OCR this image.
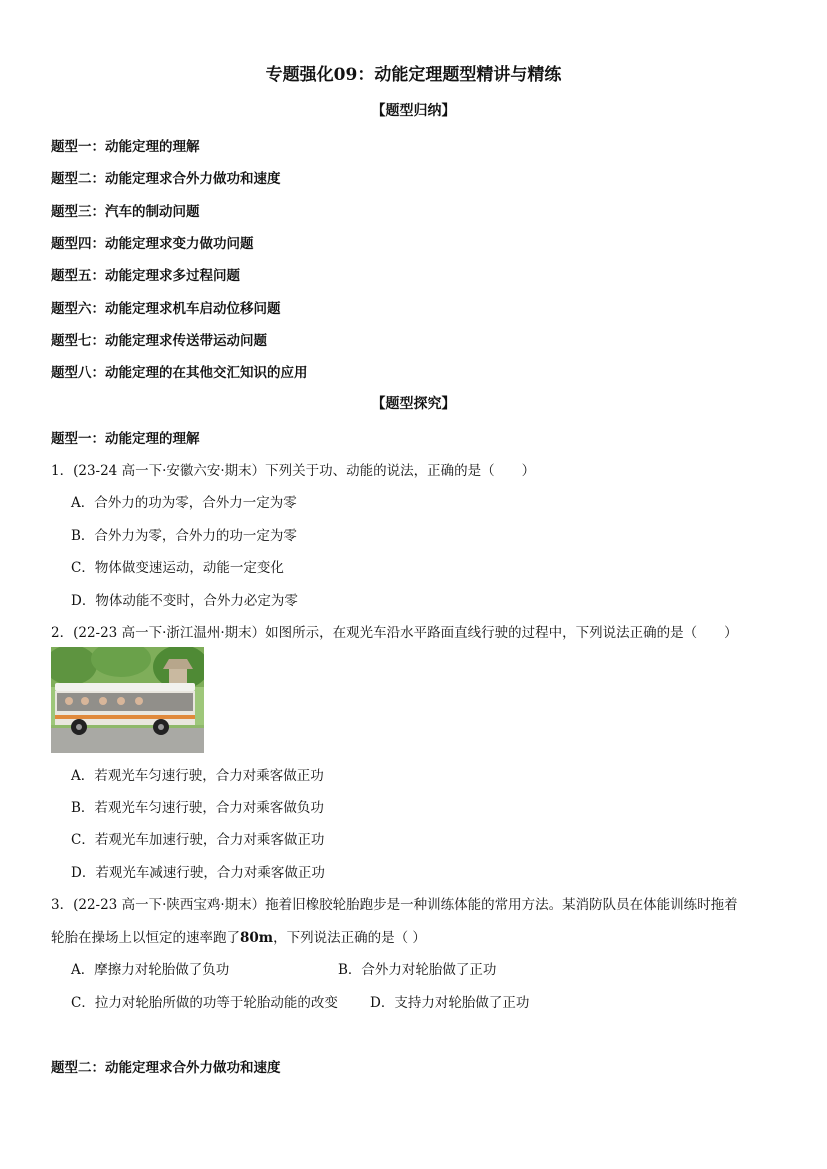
专题强化09：动能定理题型精讲与精练
【题型归纳】
题型一：动能定理的理解
题型二：动能定理求合外力做功和速度
题型三：汽车的制动问题
题型四：动能定理求变力做功问题
题型五：动能定理求多过程问题
题型六：动能定理求机车启动位移问题
题型七：动能定理求传送带运动问题
题型八：动能定理的在其他交汇知识的应用
【题型探究】
题型一：动能定理的理解
1．(23-24 高一下·安徽六安·期末）下列关于功、动能的说法，正确的是（　　）
A．合外力的功为零，合外力一定为零
B．合外力为零，合外力的功一定为零
C．物体做变速运动，动能一定变化
D．物体动能不变时，合外力必定为零
2．(22-23 高一下·浙江温州·期末）如图所示，在观光车沿水平路面直线行驶的过程中，下列说法正确的是（　　）
A．若观光车匀速行驶，合力对乘客做正功
B．若观光车匀速行驶，合力对乘客做负功
C．若观光车加速行驶，合力对乘客做正功
D．若观光车减速行驶，合力对乘客做正功
3．(22-23 高一下·陕西宝鸡·期末）拖着旧橡胶轮胎跑步是一种训练体能的常用方法。某消防队员在体能训练时拖着
轮胎在操场上以恒定的速率跑了80m，下列说法正确的是（ ）
A．摩擦力对轮胎做了负功	B．合外力对轮胎做了正功
C．拉力对轮胎所做的功等于轮胎动能的改变 D．支持力对轮胎做了正功
题型二：动能定理求合外力做功和速度
